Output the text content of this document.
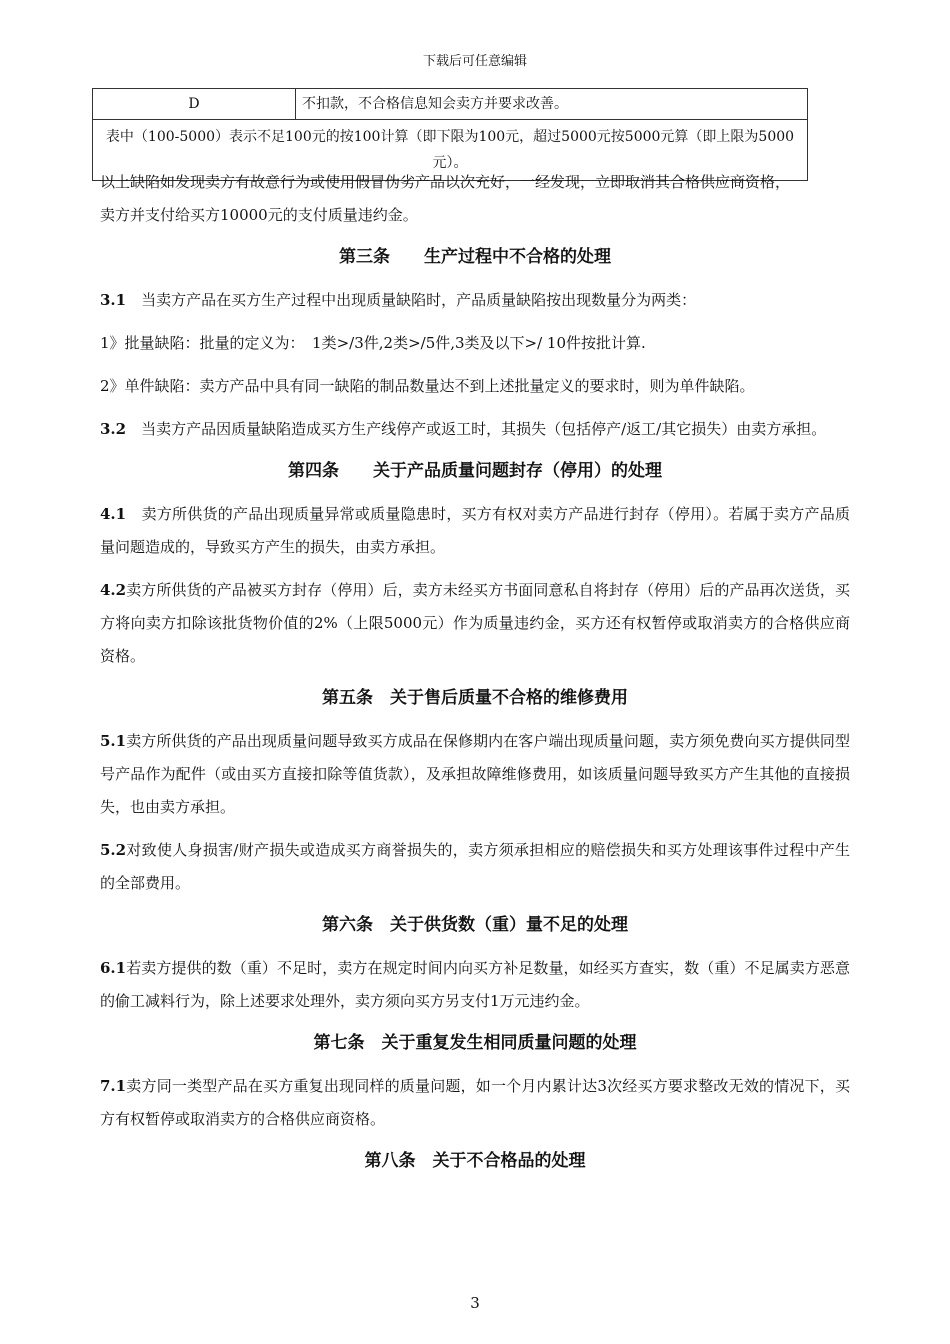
下载后可任意编辑
D	不扣款，不合格信息知会卖方并要求改善。
表中（100-5000）表示不足100元的按100计算（即下限为100元，超过5000元按5000元算（即上限为5000元）。

以上缺陷如发现卖方有故意行为或使用假冒伪劣产品以次充好，一经发现，立即取消其合格供应商资格，
卖方并支付给买方10000元的支付质量违约金。

第三条　　生产过程中不合格的处理

3.1　当卖方产品在买方生产过程中出现质量缺陷时，产品质量缺陷按出现数量分为两类：

1》批量缺陷：批量的定义为：　1类>/3件,2类>/5件,3类及以下>/ 10件按批计算.

2》单件缺陷：卖方产品中具有同一缺陷的制品数量达不到上述批量定义的要求时，则为单件缺陷。

3.2　当卖方产品因质量缺陷造成买方生产线停产或返工时，其损失（包括停产/返工/其它损失）由卖方承担。

第四条　　关于产品质量问题封存（停用）的处理

4.1　卖方所供货的产品出现质量异常或质量隐患时，买方有权对卖方产品进行封存（停用）。若属于卖方产品质量问题造成的，导致买方产生的损失，由卖方承担。

4.2卖方所供货的产品被买方封存（停用）后，卖方未经买方书面同意私自将封存（停用）后的产品再次送货，买方将向卖方扣除该批货物价值的2%（上限5000元）作为质量违约金，买方还有权暂停或取消卖方的合格供应商资格。

第五条　关于售后质量不合格的维修费用

5.1卖方所供货的产品出现质量问题导致买方成品在保修期内在客户端出现质量问题，卖方须免费向买方提供同型号产品作为配件（或由买方直接扣除等值货款），及承担故障维修费用，如该质量问题导致买方产生其他的直接损失，也由卖方承担。

5.2对致使人身损害/财产损失或造成买方商誉损失的，卖方须承担相应的赔偿损失和买方处理该事件过程中产生的全部费用。

第六条　关于供货数（重）量不足的处理

6.1若卖方提供的数（重）不足时，卖方在规定时间内向买方补足数量，如经买方查实，数（重）不足属卖方恶意的偷工减料行为，除上述要求处理外，卖方须向买方另支付1万元违约金。

第七条　关于重复发生相同质量问题的处理

7.1卖方同一类型产品在买方重复出现同样的质量问题，如一个月内累计达3次经买方要求整改无效的情况下，买方有权暂停或取消卖方的合格供应商资格。

第八条　关于不合格品的处理
3
